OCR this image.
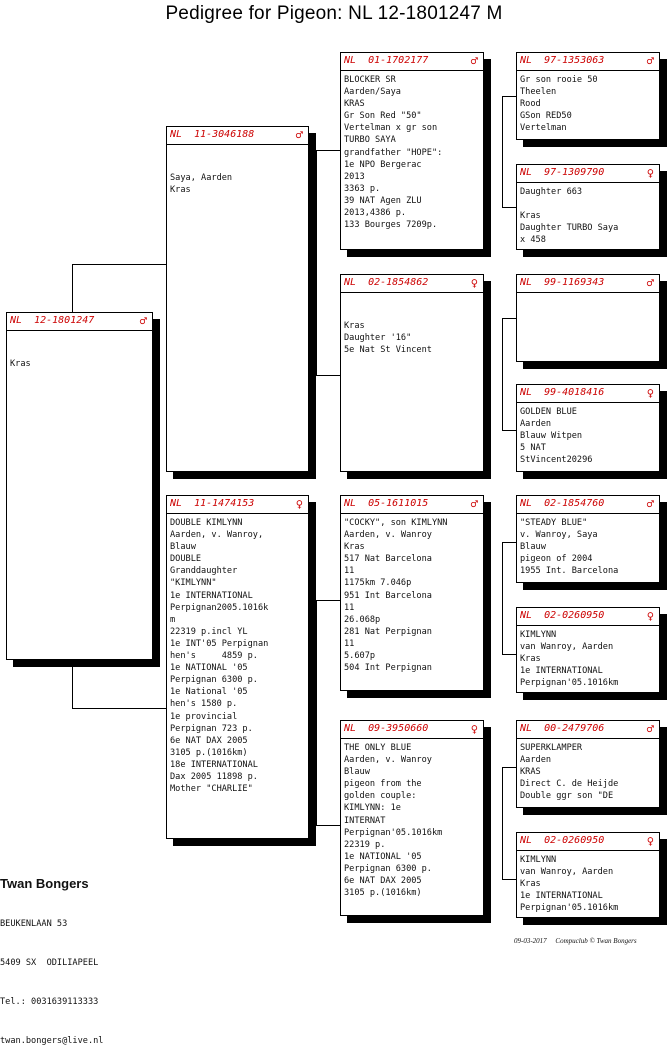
Pedigree for Pigeon: NL 12-1801247 M
NL  12-1801247	♂

Kras
NL  11-3046188	♂

Saya, Aarden
Kras
NL  11-1474153	♀
DOUBLE KIMLYNN
Aarden, v. Wanroy,
Blauw
DOUBLE
Granddaughter
"KIMLYNN"
1e INTERNATIONAL
Perpignan2005.1016k
m
22319 p.incl YL
1e INT'05 Perpignan
hen's     4859 p.
1e NATIONAL '05
Perpignan 6300 p.
1e National '05
hen's 1580 p.
1e provincial
Perpignan 723 p.
6e NAT DAX 2005
3105 p.(1016km)
18e INTERNATIONAL
Dax 2005 11898 p.
Mother "CHARLIE"
NL  01-1702177	♂
BLOCKER SR
Aarden/Saya
KRAS
Gr Son Red "50"
Vertelman x gr son
TURBO SAYA
grandfather "HOPE":
1e NPO Bergerac
2013
3363 p.
39 NAT Agen ZLU
2013,4386 p.
133 Bourges 7209p.
NL  02-1854862	♀

Kras
Daughter '16"
5e Nat St Vincent
NL  05-1611015	♂
"COCKY", son KIMLYNN
Aarden, v. Wanroy
Kras
517 Nat Barcelona
11
1175km 7.046p
951 Int Barcelona
11
26.068p
281 Nat Perpignan
11
5.607p
504 Int Perpignan
NL  09-3950660	♀
THE ONLY BLUE
Aarden, v. Wanroy
Blauw
pigeon from the
golden couple:
KIMLYNN: 1e
INTERNAT
Perpignan'05.1016km
22319 p.
1e NATIONAL '05
Perpignan 6300 p.
6e NAT DAX 2005
3105 p.(1016km)
NL  97-1353063	♂
Gr son rooie 50
Theelen
Rood
GSon RED50
Vertelman
NL  97-1309790	♀
Daughter 663

Kras
Daughter TURBO Saya
x 458
NL  99-1169343	♂
NL  99-4018416	♀
GOLDEN BLUE
Aarden
Blauw Witpen
5 NAT
StVincent20296
NL  02-1854760	♂
"STEADY BLUE"
v. Wanroy, Saya
Blauw
pigeon of 2004
1955 Int. Barcelona
NL  02-0260950	♀
KIMLYNN
van Wanroy, Aarden
Kras
1e INTERNATIONAL
Perpignan'05.1016km
NL  00-2479706	♂
SUPERKLAMPER
Aarden
KRAS
Direct C. de Heijde
Double ggr son "DE
NL  02-0260950	♀
KIMLYNN
van Wanroy, Aarden
Kras
1e INTERNATIONAL
Perpignan'05.1016km

Twan Bongers

BEUKENLAAN 53

5409 SX  ODILIAPEEL

Tel.: 0031639113333

twan.bongers@live.nl

09-03-2017     Compuclub © Twan Bongers
